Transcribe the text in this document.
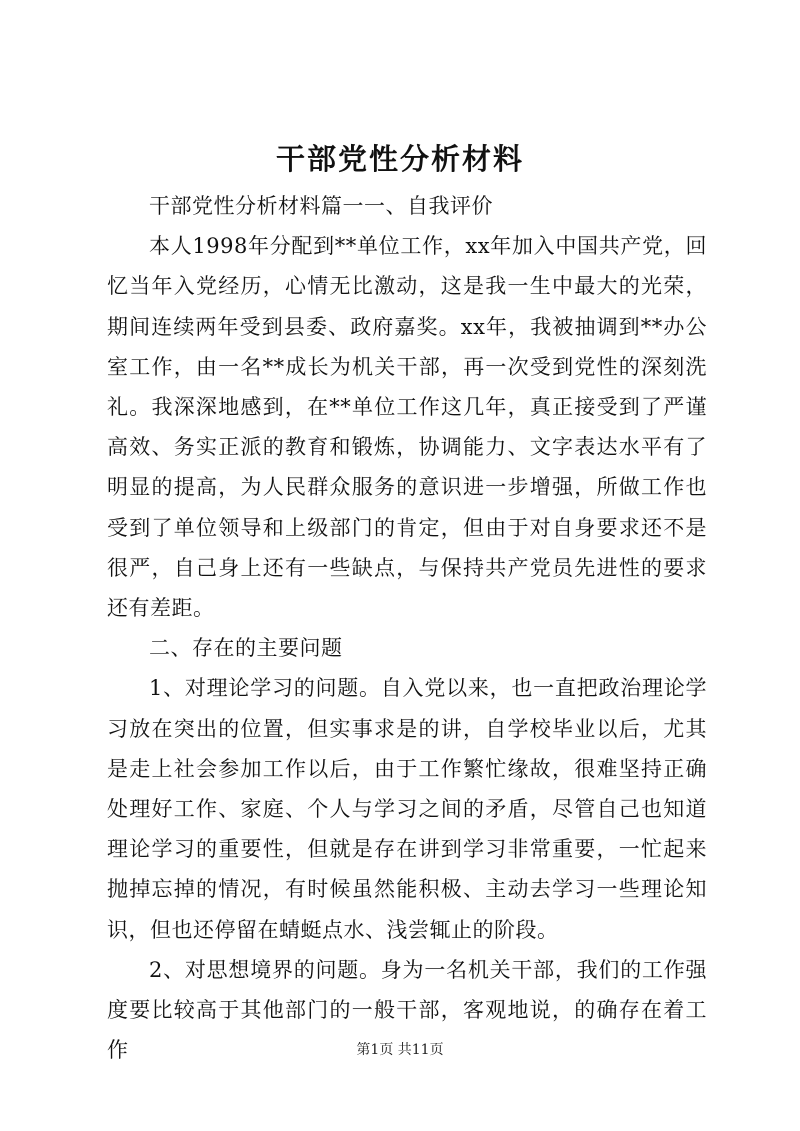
干部党性分析材料

干部党性分析材料篇一一、自我评价

本人1998年分配到**单位工作，xx年加入中国共产党，回忆当年入党经历，心情无比激动，这是我一生中最大的光荣，期间连续两年受到县委、政府嘉奖。xx年，我被抽调到**办公室工作，由一名**成长为机关干部，再一次受到党性的深刻洗礼。我深深地感到，在**单位工作这几年，真正接受到了严谨高效、务实正派的教育和锻炼，协调能力、文字表达水平有了明显的提高，为人民群众服务的意识进一步增强，所做工作也受到了单位领导和上级部门的肯定，但由于对自身要求还不是很严，自己身上还有一些缺点，与保持共产党员先进性的要求还有差距。

二、存在的主要问题

1、对理论学习的问题。自入党以来，也一直把政治理论学习放在突出的位置，但实事求是的讲，自学校毕业以后，尤其是走上社会参加工作以后，由于工作繁忙缘故，很难坚持正确处理好工作、家庭、个人与学习之间的矛盾，尽管自己也知道理论学习的重要性，但就是存在讲到学习非常重要，一忙起来抛掉忘掉的情况，有时候虽然能积极、主动去学习一些理论知识，但也还停留在蜻蜓点水、浅尝辄止的阶段。

2、对思想境界的问题。身为一名机关干部，我们的工作强度要比较高于其他部门的一般干部，客观地说，的确存在着工作	第1页 共11页
